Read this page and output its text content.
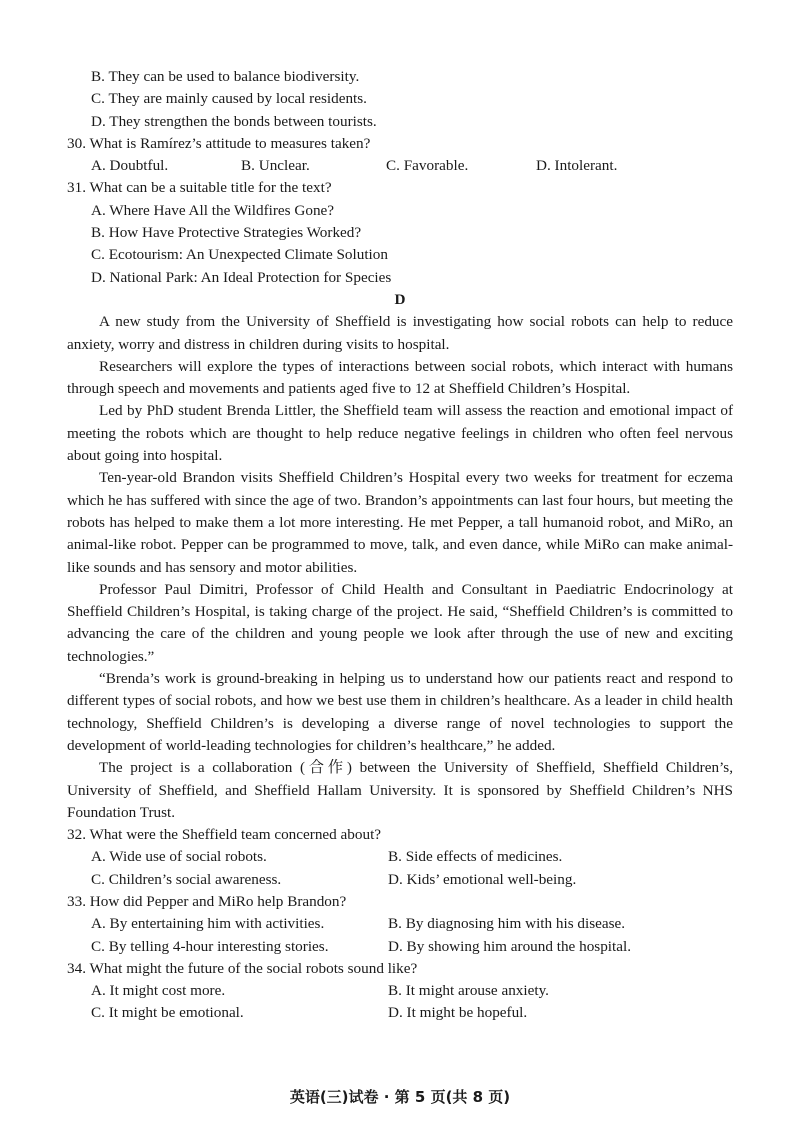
B. They can be used to balance biodiversity.
C. They are mainly caused by local residents.
D. They strengthen the bonds between tourists.
30. What is Ramírez’s attitude to measures taken?
A. Doubtful.	B. Unclear.	C. Favorable.	D. Intolerant.
31. What can be a suitable title for the text?
A. Where Have All the Wildfires Gone?
B. How Have Protective Strategies Worked?
C. Ecotourism: An Unexpected Climate Solution
D. National Park: An Ideal Protection for Species
D
A new study from the University of Sheffield is investigating how social robots can help to reduce anxiety, worry and distress in children during visits to hospital.
Researchers will explore the types of interactions between social robots, which interact with humans through speech and movements and patients aged five to 12 at Sheffield Children’s Hospital.
Led by PhD student Brenda Littler, the Sheffield team will assess the reaction and emotional impact of meeting the robots which are thought to help reduce negative feelings in children who often feel nervous about going into hospital.
Ten-year-old Brandon visits Sheffield Children’s Hospital every two weeks for treatment for eczema which he has suffered with since the age of two. Brandon’s appointments can last four hours, but meeting the robots has helped to make them a lot more interesting. He met Pepper, a tall humanoid robot, and MiRo, an animal-like robot. Pepper can be programmed to move, talk, and even dance, while MiRo can make animal-like sounds and has sensory and motor abilities.
Professor Paul Dimitri, Professor of Child Health and Consultant in Paediatric Endocrinology at Sheffield Children’s Hospital, is taking charge of the project. He said, “Sheffield Children’s is committed to advancing the care of the children and young people we look after through the use of new and exciting technologies.”
“Brenda’s work is ground-breaking in helping us to understand how our patients react and respond to different types of social robots, and how we best use them in children’s healthcare. As a leader in child health technology, Sheffield Children’s is developing a diverse range of novel technologies to support the development of world-leading technologies for children’s healthcare,” he added.
The project is a collaboration (合作) between the University of Sheffield, Sheffield Children’s, University of Sheffield, and Sheffield Hallam University. It is sponsored by Sheffield Children’s NHS Foundation Trust.
32. What were the Sheffield team concerned about?
A. Wide use of social robots.	B. Side effects of medicines.
C. Children’s social awareness.	D. Kids’ emotional well-being.
33. How did Pepper and MiRo help Brandon?
A. By entertaining him with activities.	B. By diagnosing him with his disease.
C. By telling 4-hour interesting stories.	D. By showing him around the hospital.
34. What might the future of the social robots sound like?
A. It might cost more.	B. It might arouse anxiety.
C. It might be emotional.	D. It might be hopeful.
英语(三)试卷 · 第 5 页(共 8 页)
